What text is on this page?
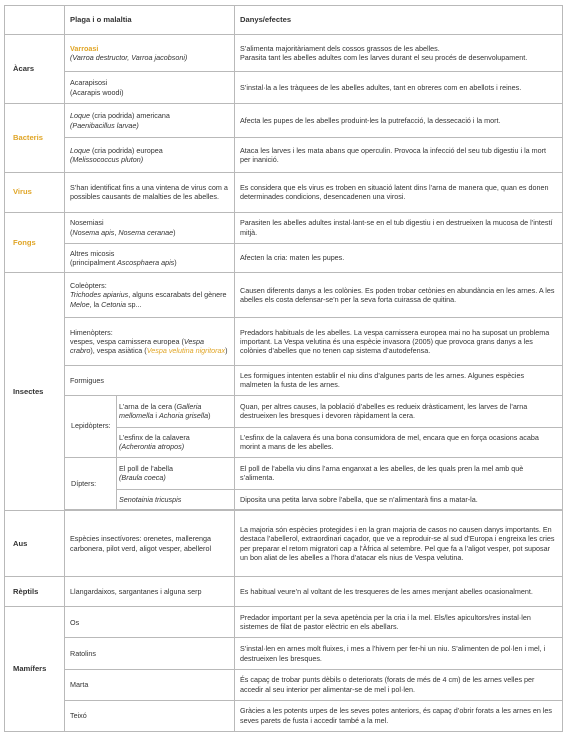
	Plaga i o malaltia		Danys/efectes
Àcars	Varroasi
(Varroa destructor, Varroa jacobsoni)		S’alimenta majoritàriament dels cossos grassos de les abelles.
Parasita tant les abelles adultes com les larves durant el seu procés de desenvolupament.

	Acarapisosi
(Acarapis woodi)		S’instal·la a les tràquees de les abelles adultes, tant en obreres com en abellots i reines.
Bacteris	Loque (cria podrida) americana
(Paenibacillus larvae)		Afecta les pupes de les abelles produint-les la putrefacció, la dessecació i la mort.

	Loque (cria podrida) europea
(Melissococcus pluton)		Ataca les larves i les mata abans que operculin. Provoca la infecció del seu tub digestiu i la mort per inanició.
Virus	S’han identificat fins a una vintena de virus com a possibles causants de malalties de les abelles.		Es considera que els virus es troben en situació latent dins l’arna de manera que, quan es donen determinades condicions, desencadenen una virosi.
Fongs	Nosemiasi
(Nosema apis, Nosema ceranae)		Parasiten les abelles adultes instal·lant-se en el tub digestiu i en destrueixen la mucosa de l’intestí mitjà.

	Altres micosis
(principalment Ascosphaera apis)		Afecten la cria: maten les pupes.
Insectes	Coleòpters:
Trichodes apiarius, alguns escarabats del gènere Meloe, la Cetonia sp...		Causen diferents danys a les colònies. Es poden trobar cetònies en abundància en les arnes. A les abelles els costa defensar-se’n per la seva forta cuirassa de quitina.

	Himenòpters:
vespes, vespa carnissera europea (Vespa crabro), vespa asiàtica (Vespa velutina nigritorax)		Predadors habituals de les abelles. La vespa carnissera europea mai no ha suposat un problema important. La Vespa velutina és una espècie invasora (2005) que provoca grans danys a les colònies d’abelles que no tenen cap sistema d’autodefensa.
	Formigues		Les formigues intenten establir el niu dins d’algunes parts de les arnes. Algunes espècies malmeten la fusta de les arnes.
	Lepidòpters:	L’arna de la cera (Galleria mellomella i Achoria grisella)	Quan, per altres causes, la població d’abelles es redueix dràsticament, les larves de l’arna destrueixen les bresques i devoren ràpidament la cera.

		L’esfinx de la calavera
(Acherontia atropos)	L’esfinx de la calavera és una bona consumidora de mel, encara que en força ocasions acaba morint a mans de les abelles.
	Dípters:	El poll de l’abella
(Braula coeca)	El poll de l’abella viu dins l’arna enganxat a les abelles, de les quals pren la mel amb què s’alimenta.
		Senotainia tricuspis	Diposita una petita larva sobre l’abella, que se n’alimentarà fins a matar-la.

Aus	Espècies insectívores: orenetes, mallerenga carbonera, pilot verd, aligot vesper, abellerol		La majoria són espècies protegides i en la gran majoria de casos no causen danys importants. En destaca l’abellerol, extraordinari caçador, que ve a reproduir-se al sud d’Europa i engreixa les cries per preparar el retorn migratori cap a l’Àfrica al setembre. Pel que fa a l’aligot vesper, pot suposar un bon aliat de les abelles a l’hora d’atacar els nius de Vespa velutina.
Rèptils	Llangardaixos, sargantanes i alguna serp		Es habitual veure’n al voltant de les tresqueres de les arnes menjant abelles ocasionalment.
Mamífers	Os		Predador important per la seva apetència per la cria i la mel. Els/les apicultors/res instal·len sistemes de filat de pastor elèctric en els abellars.
	Ratolins		S’instal·len en arnes molt fluixes, i mes a l’hivern per fer-hi un niu. S’alimenten de pol·len i mel, i destrueixen les bresques.
	Marta		És capaç de trobar punts dèbils o deteriorats (forats de més de 4 cm) de les arnes velles per accedir al seu interior per alimentar-se de mel i pol·len.
	Teixó		Gràcies a les potents urpes de les seves potes anteriors, és capaç d’obrir forats a les arnes en les seves parets de fusta i accedir també a la mel.
